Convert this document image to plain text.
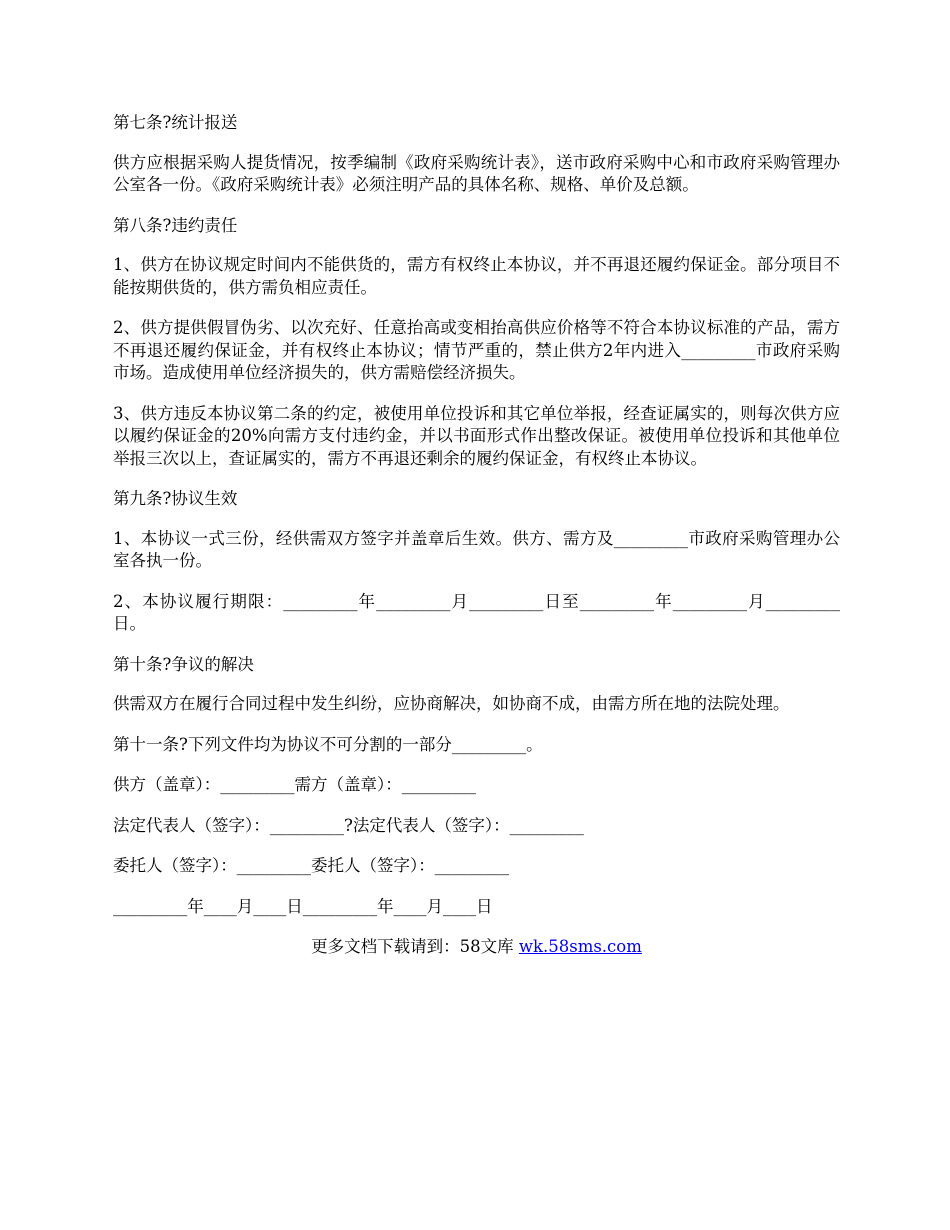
第七条?统计报送

供方应根据采购人提货情况，按季编制《政府采购统计表》，送市政府采购中心和市政府采购管理办公室各一份。《政府采购统计表》必须注明产品的具体名称、规格、单价及总额。

第八条?违约责任

1、供方在协议规定时间内不能供货的，需方有权终止本协议，并不再退还履约保证金。部分项目不能按期供货的，供方需负相应责任。

2、供方提供假冒伪劣、以次充好、任意抬高或变相抬高供应价格等不符合本协议标准的产品，需方不再退还履约保证金，并有权终止本协议；情节严重的，禁止供方2年内进入_________市政府采购市场。造成使用单位经济损失的，供方需赔偿经济损失。

3、供方违反本协议第二条的约定，被使用单位投诉和其它单位举报，经查证属实的，则每次供方应以履约保证金的20%向需方支付违约金，并以书面形式作出整改保证。被使用单位投诉和其他单位举报三次以上，查证属实的，需方不再退还剩余的履约保证金，有权终止本协议。

第九条?协议生效

1、本协议一式三份，经供需双方签字并盖章后生效。供方、需方及_________市政府采购管理办公室各执一份。

2、本协议履行期限：_________年_________月_________日至_________年_________月_________日。

第十条?争议的解决

供需双方在履行合同过程中发生纠纷，应协商解决，如协商不成，由需方所在地的法院处理。

第十一条?下列文件均为协议不可分割的一部分_________。

供方（盖章）：_________需方（盖章）：_________

法定代表人（签字）：_________?法定代表人（签字）：_________

委托人（签字）：_________委托人（签字）：_________

_________年____月____日_________年____月____日

更多文档下载请到：58文库 wk.58sms.com
